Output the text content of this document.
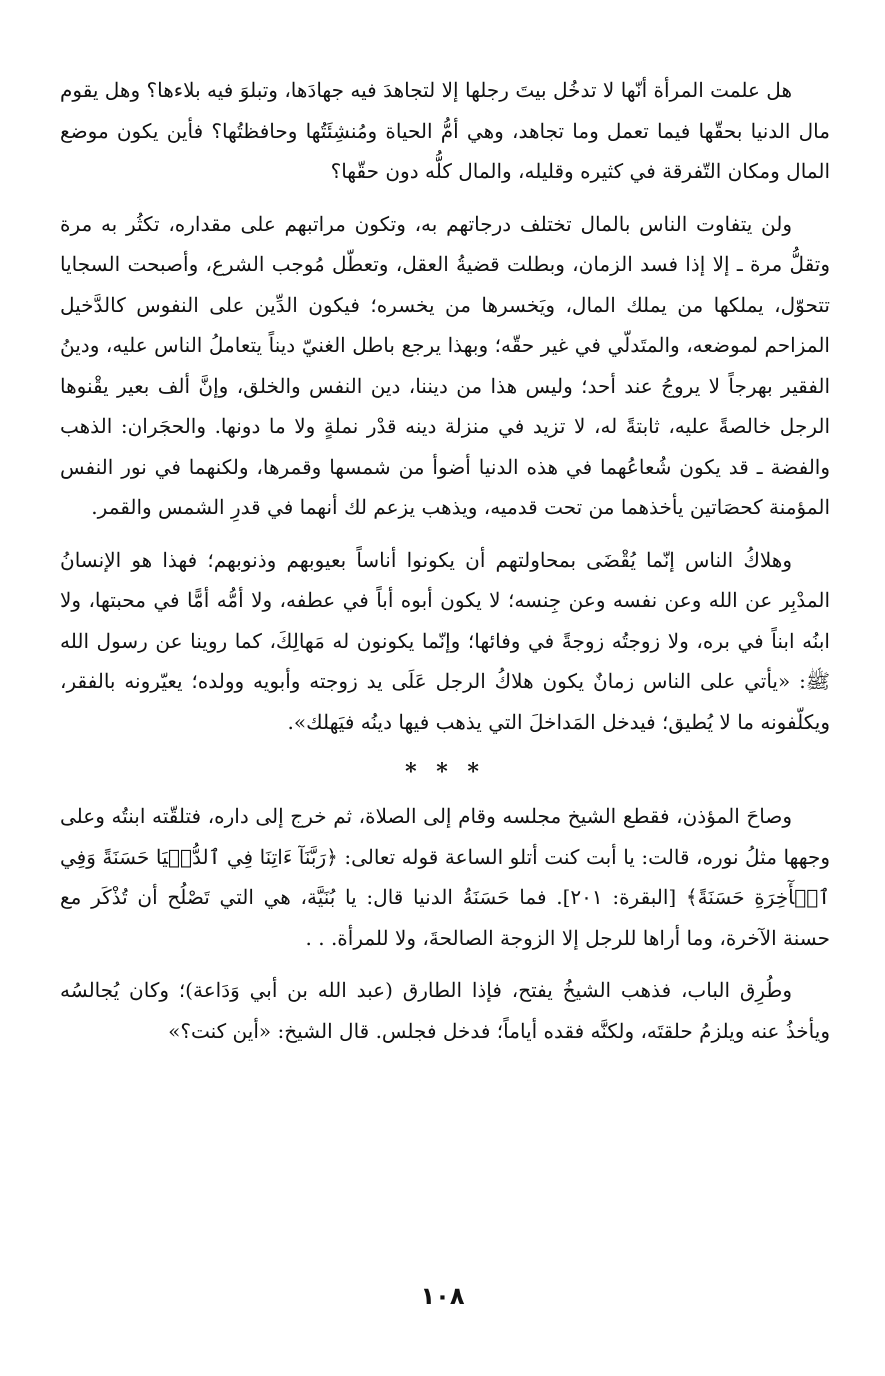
هل علمت المرأة أنّها لا تدخُل بيتَ رجلها إلا لتجاهدَ فيه جهادَها، وتبلوَ فيه بلاءها؟ وهل يقوم مال الدنيا بحقّها فيما تعمل وما تجاهد، وهي أمُّ الحياة ومُنشِئَتُها وحافظتُها؟ فأين يكون موضع المال ومكان التّفرقة في كثيره وقليله، والمال كلُّه دون حقّها؟

ولن يتفاوت الناس بالمال تختلف درجاتهم به، وتكون مراتبهم على مقداره، تكثُر به مرة وتقلُّ مرة ـ إلا إذا فسد الزمان، وبطلت قضيةُ العقل، وتعطّل مُوجب الشرع، وأصبحت السجايا تتحوّل، يملكها من يملك المال، ويَخسرها من يخسره؛ فيكون الدِّين على النفوس كالدَّخيل المزاحم لموضعه، والمتَدلّي في غير حقّه؛ وبهذا يرجع باطل الغنيّ ديناً يتعاملُ الناس عليه، ودينُ الفقير بهرجاً لا يروجُ عند أحد؛ وليس هذا من ديننا، دين النفس والخلق، وإنَّ ألف بعير يقْنوها الرجل خالصةً عليه، ثابتةً له، لا تزيد في منزلة دينه قدْر نملةٍ ولا ما دونها. والحجَران: الذهب والفضة ـ قد يكون شُعاعُهما في هذه الدنيا أضوأ من شمسها وقمرها، ولكنهما في نور النفس المؤمنة كحصَاتين يأخذهما من تحت قدميه، ويذهب يزعم لك أنهما في قدرِ الشمس والقمر.

وهلاكُ الناس إنّما يُقْضَى بمحاولتهم أن يكونوا أناساً بعيوبهم وذنوبهم؛ فهذا هو الإنسانُ المدْبِر عن الله وعن نفسه وعن جِنسه؛ لا يكون أبوه أباً في عطفه، ولا أمُّه أمًّا في محبتها، ولا ابنُه ابناً في بره، ولا زوجتُه زوجةً في وفائها؛ وإنّما يكونون له مَهالِكَ، كما روينا عن رسول الله ﷺ: «يأتي على الناس زمانٌ يكون هلاكُ الرجل عَلَى يد زوجته وأبويه وولده؛ يعيّرونه بالفقر، ويكلّفونه ما لا يُطيق؛ فيدخل المَداخلَ التي يذهب فيها دينُه فيَهلك».

* * *

وصاحَ المؤذن، فقطع الشيخ مجلسه وقام إلى الصلاة، ثم خرج إلى داره، فتلقّته ابنتُه وعلى وجهها مثلُ نوره، قالت: يا أبت كنت أتلو الساعة قوله تعالى: ﴿رَبَّنَآ ءَاتِنَا فِي ٱلدُّنۡيَا حَسَنَةً وَفِي ٱلۡأٓخِرَةِ حَسَنَةً﴾ [البقرة: ٢٠١]. فما حَسَنَةُ الدنيا قال: يا بُنَيَّة، هي التي تَصْلُح أن تُذْكَر مع حسنة الآخرة، وما أراها للرجل إلا الزوجة الصالحةَ، ولا للمرأة. . .

وطُرِق الباب، فذهب الشيخُ يفتح، فإذا الطارق (عبد الله بن أبي وَدَاعة)؛ وكان يُجالسُه ويأخذُ عنه ويلزمُ حلقتَه، ولكنَّه فقده أياماً؛ فدخل فجلس. قال الشيخ: «أين كنت؟»

١٠٨
